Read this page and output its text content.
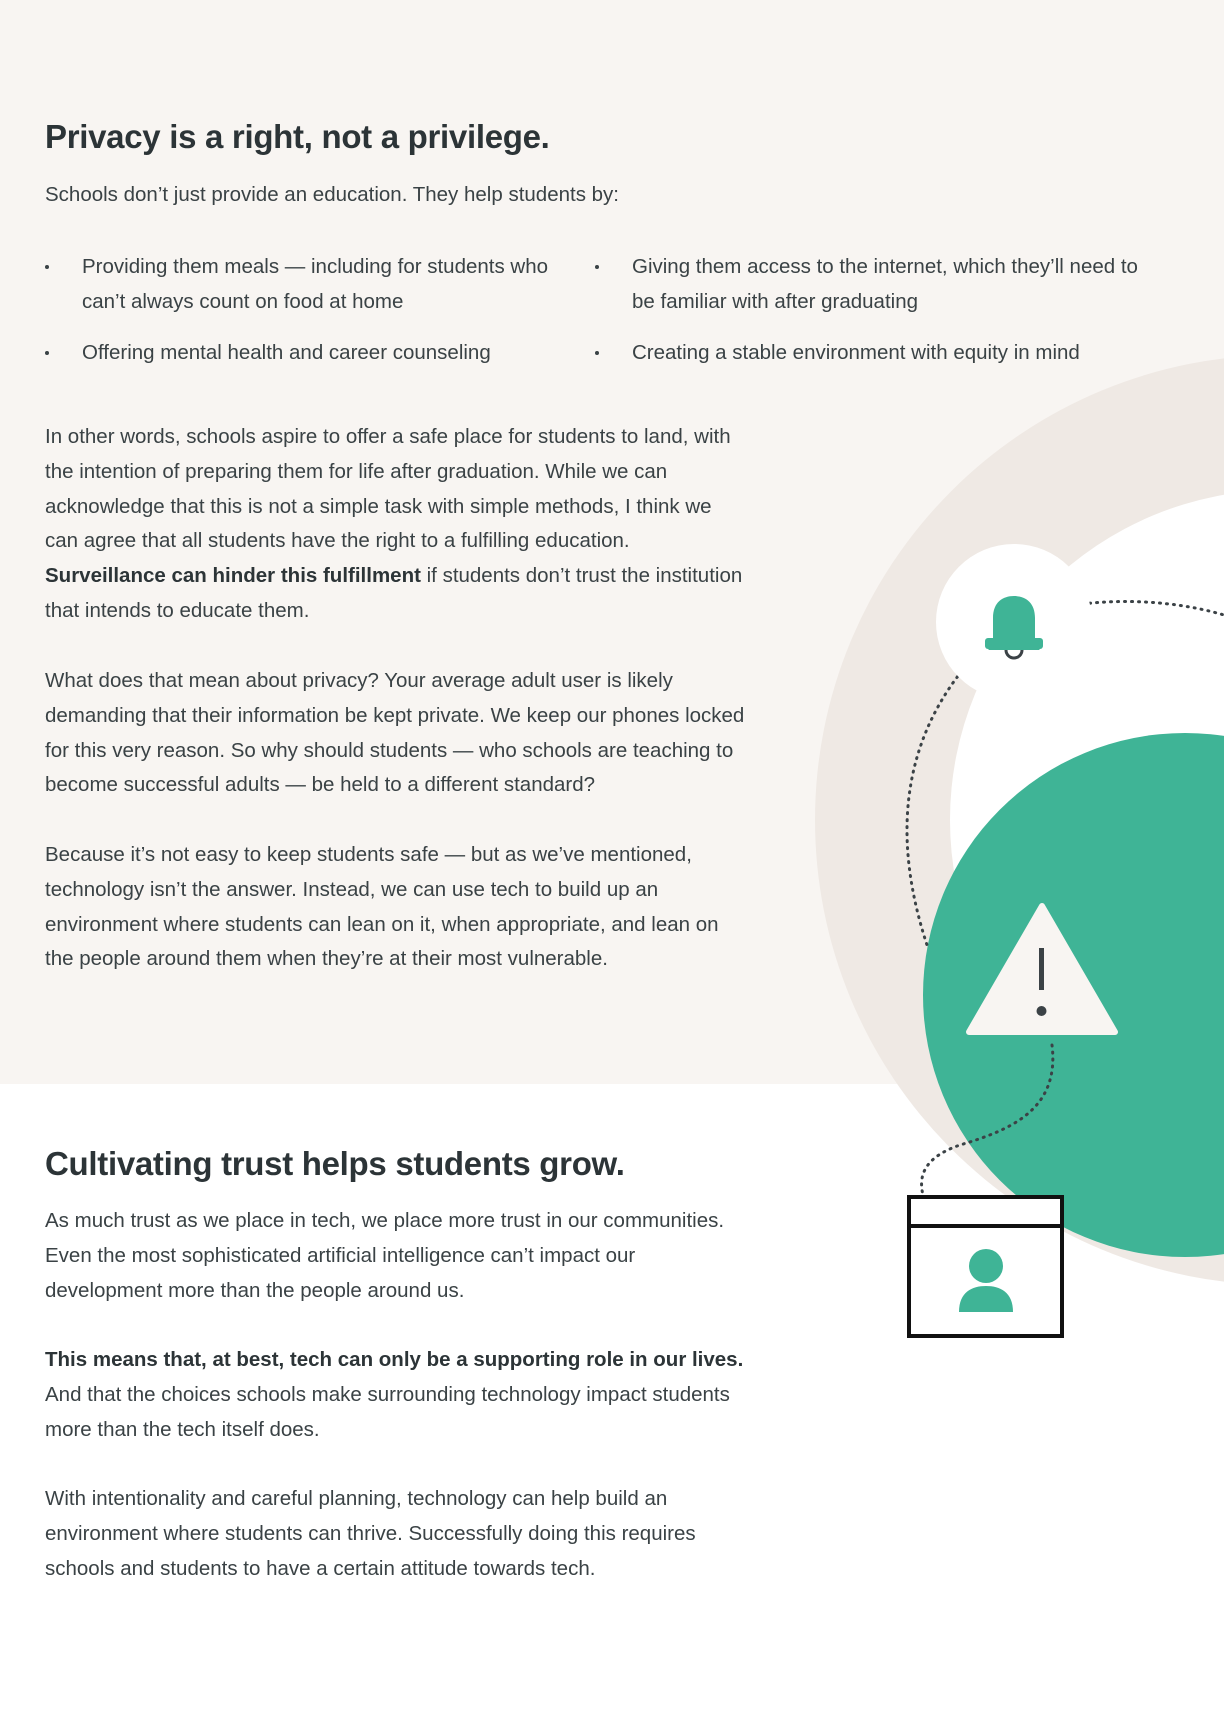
Privacy is a right, not a privilege.

Schools don’t just provide an education. They help students by:

Providing them meals — including for students who can’t always count on food at home
Giving them access to the internet, which they’ll need to be familiar with after graduating
Offering mental health and career counseling	Creating a stable environment with equity in mind

In other words, schools aspire to offer a safe place for students to land, with the intention of preparing them for life after graduation. While we can acknowledge that this is not a simple task with simple methods, I think we can agree that all students have the right to a fulfilling education. Surveillance can hinder this fulfillment if students don’t trust the institution that intends to educate them.

What does that mean about privacy? Your average adult user is likely demanding that their information be kept private. We keep our phones locked for this very reason. So why should students — who schools are teaching to become successful adults — be held to a different standard?

Because it’s not easy to keep students safe — but as we’ve mentioned, technology isn’t the answer. Instead, we can use tech to build up an environment where students can lean on it, when appropriate, and lean on the people around them when they’re at their most vulnerable.

Cultivating trust helps students grow.

As much trust as we place in tech, we place more trust in our communities. Even the most sophisticated artificial intelligence can’t impact our development more than the people around us.

This means that, at best, tech can only be a supporting role in our lives. And that the choices schools make surrounding technology impact students more than the tech itself does.

With intentionality and careful planning, technology can help build an environment where students can thrive. Successfully doing this requires schools and students to have a certain attitude towards tech.
